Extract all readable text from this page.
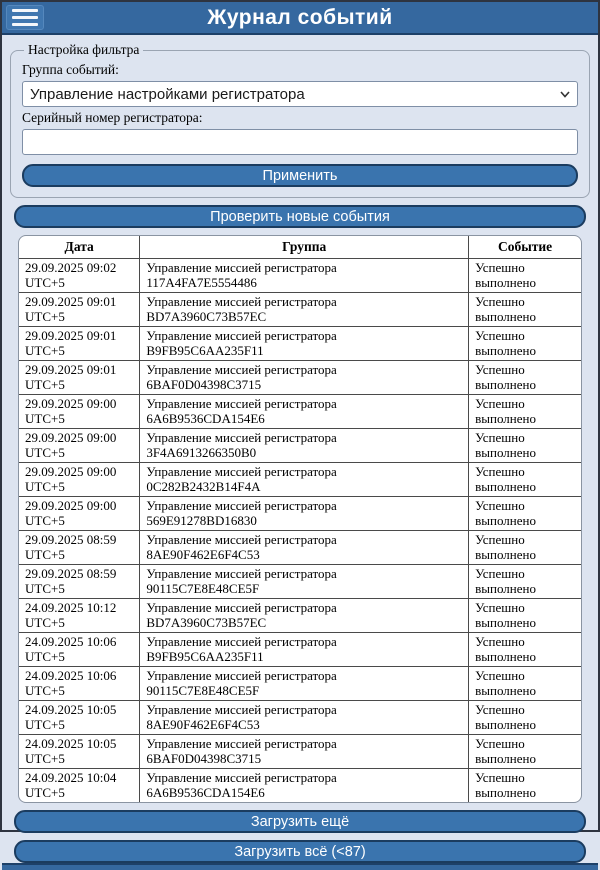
Журнал событий
Настройка фильтра
Группа событий:
Управление настройками регистратора
Серийный номер регистратора:
Применить
Проверить новые события
Дата	Группа	Событие

29.09.2025 09:02
UTC+5

Управление миссией регистратора
117A4FA7E5554486

Успешно выполнено

29.09.2025 09:01
UTC+5

Управление миссией регистратора
BD7A3960C73B57EC

Успешно выполнено

29.09.2025 09:01
UTC+5

Управление миссией регистратора
B9FB95C6AA235F11

Успешно выполнено

29.09.2025 09:01
UTC+5

Управление миссией регистратора
6BAF0D04398C3715

Успешно выполнено

29.09.2025 09:00
UTC+5

Управление миссией регистратора
6A6B9536CDA154E6

Успешно выполнено

29.09.2025 09:00
UTC+5

Управление миссией регистратора
3F4A6913266350B0

Успешно выполнено

29.09.2025 09:00
UTC+5

Управление миссией регистратора
0C282B2432B14F4A

Успешно выполнено

29.09.2025 09:00
UTC+5

Управление миссией регистратора
569E91278BD16830

Успешно выполнено

29.09.2025 08:59
UTC+5

Управление миссией регистратора
8AE90F462E6F4C53

Успешно выполнено

29.09.2025 08:59
UTC+5

Управление миссией регистратора
90115C7E8E48CE5F

Успешно выполнено

24.09.2025 10:12
UTC+5

Управление миссией регистратора
BD7A3960C73B57EC

Успешно выполнено

24.09.2025 10:06
UTC+5

Управление миссией регистратора
B9FB95C6AA235F11

Успешно выполнено

24.09.2025 10:06
UTC+5

Управление миссией регистратора
90115C7E8E48CE5F

Успешно выполнено

24.09.2025 10:05
UTC+5

Управление миссией регистратора
8AE90F462E6F4C53

Успешно выполнено

24.09.2025 10:05
UTC+5

Управление миссией регистратора
6BAF0D04398C3715

Успешно выполнено

24.09.2025 10:04
UTC+5

Управление миссией регистратора
6A6B9536CDA154E6

Успешно выполнено
Загрузить ещё
Загрузить всё (<87)
